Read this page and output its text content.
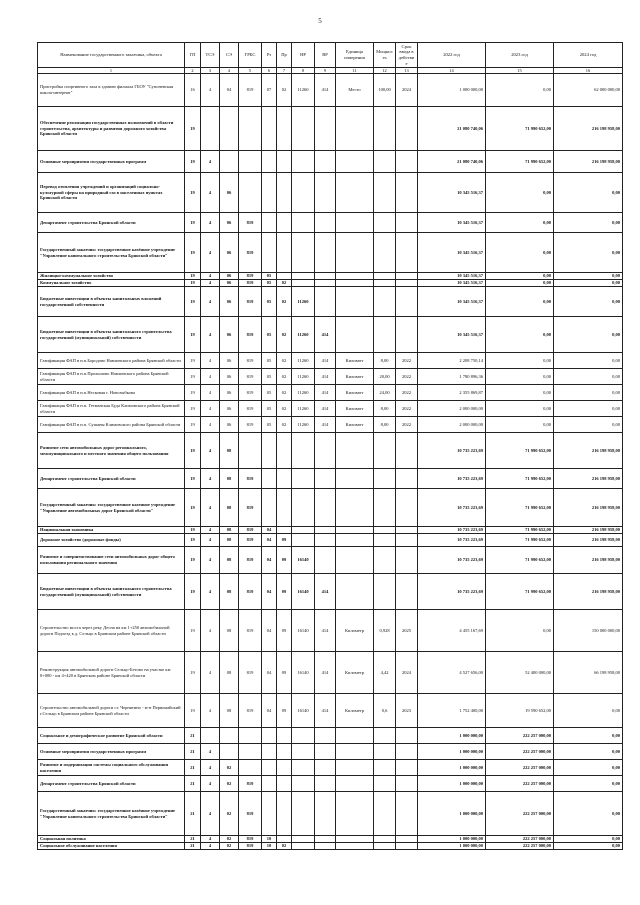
5
Наименование государственного заказчика, объекта	ГП	ТСЭ	СЭ	ГРБС	Рз	Пр	НР	ВР	Единица измерения	Мощность	Срок ввода в действие	2022 год	2023 год	2024 год
1	2	3	4	5	6	7	8	9	11	12	13	14	15	16
Пристройка спортивного зала к зданию филиала ГБОУ "Супоневская школа-интернат"	16	4	04	819	07	02	11260	414	Место	100,00	2024	1 000 000,00	0,00	62 000 000,00
Обеспечение реализации государственных полномочий в области строительства, архитектуры и развития дорожного хозяйства Брянской области	19											21 080 740,06	71 990 652,00	216 198 958,00
Основные мероприятия государственных программ	19	4										21 080 740,06	71 990 652,00	216 198 958,00
Перевод отопления учреждений и организаций социально-культурной сферы на природный газ в населенных пунктах Брянской области	19	4	06									10 345 516,37	0,00	0,00
Департамент строительства Брянской области	19	4	06	819								10 345 516,37	0,00	0,00
Государственный заказчик: государственное казённое учреждение "Управление капитального строительства Брянской области"	19	4	06	819								10 345 516,37	0,00	0,00
Жилищно-коммунальное хозяйство	19	4	06	819	05							10 345 516,37	0,00	0,00
Коммунальное хозяйство	19	4	06	819	05	02						10 345 516,37	0,00	0,00
Бюджетные инвестиции в объекты капитальных вложений государственной собственности	19	4	06	819	05	02	11260					10 345 516,37	0,00	0,00
Бюджетные инвестиции в объекты капитального строительства государственной (муниципальной) собственности	19	4	06	819	05	02	11260	414				10 345 516,37	0,00	0,00
Газификация ФАП в н.п.Бородово Навлинского района Брянской области	19	4	06	819	05	02	11260	414	Киловатт	8,00	2022	2 208 750,14	0,00	0,00
Газификация ФАП в н.п.Прольшово Навлинского района Брянской области	19	4	06	819	05	02	11260	414	Киловатт	20,00	2022	1 780 896,36	0,00	0,00
Газификация ФАП в н.п.Несковая г. Новозыбкова	19	4	06	819	05	02	11260	414	Киловатт	24,00	2022	2 355 869,87	0,00	0,00
Газификация ФАП в н.п. Гетманская Буда Климовского района Брянской области	19	4	06	819	05	02	11260	414	Киловатт	8,00	2022	2 000 000,00	0,00	0,00
Газификация ФАП в н.п. Сушаны Климовского района Брянской области	19	4	06	819	05	02	11260	414	Киловатт	8,00	2022	2 000 000,00	0,00	0,00
Развитие сети автомобильных дорог регионального, межмуниципального и местного значения общего пользования	19	4	08									10 735 223,69	71 990 652,00	216 198 958,00
Департамент строительства Брянской области	19	4	08	819								10 735 223,69	71 990 652,00	216 198 958,00
Государственный заказчик: государственное казенное учреждение "Управление автомобильных дорог Брянской области"	19	4	08	819								10 735 223,69	71 990 652,00	216 198 958,00
Национальная экономика	19	4	08	819	04							10 735 223,69	71 990 652,00	216 198 958,00
Дорожное хозяйство (дорожные фонды)	19	4	08	819	04	09						10 735 223,69	71 990 652,00	216 198 958,00
Развитие и совершенствование сети автомобильных дорог общего пользования регионального значения	19	4	08	819	04	09	16140					10 735 223,69	71 990 652,00	216 198 958,00
Бюджетные инвестиции в объекты капитального строительства государственной (муниципальной) собственности	19	4	08	819	04	09	16140	414				10 735 223,69	71 990 652,00	216 198 958,00
Строительство моста через реку Десна на км 1+250 автомобильной дороги Подъезд к д. Сельцо в Брянском районе Брянской области	19	4	08	819	04	09	16140	414	Километр	0,928	2025	4 455 167,69	0,00	150 000 000,00
Реконструкция автомобильной дороги Сельцо-Бетово на участке км 0+000 - км 4+420 в Брянском районе Брянской области	19	4	08	819	04	09	16140	414	Километр	4,42	2024	4 527 656,00	52 400 000,00	66 198 958,00
Строительство автомобильной дороги ст. Чернятино - м-н Первомайский г.Сельцо в Брянском районе Брянской области	19	4	08	819	04	09	16140	414	Километр	0,6	2023	1 752 400,00	19 590 652,00	0,00
Социальное и демографическое развитие Брянской области	21											1 000 000,00	222 257 000,00	0,00
Основные мероприятия государственных программ	21	4										1 000 000,00	222 257 000,00	0,00
Развитие и модернизация системы социального обслуживания населения	21	4	02									1 000 000,00	222 257 000,00	0,00
Департамент строительства Брянской области	21	4	02	819								1 000 000,00	222 257 000,00	0,00
Государственный заказчик: государственное казённое учреждение "Управление капитального строительства Брянской области"	21	4	02	819								1 000 000,00	222 257 000,00	0,00
Социальная политика	21	4	02	819	10							1 000 000,00	222 257 000,00	0,00
Социальное обслуживание населения	21	4	02	819	10	02						1 000 000,00	222 257 000,00	0,00
